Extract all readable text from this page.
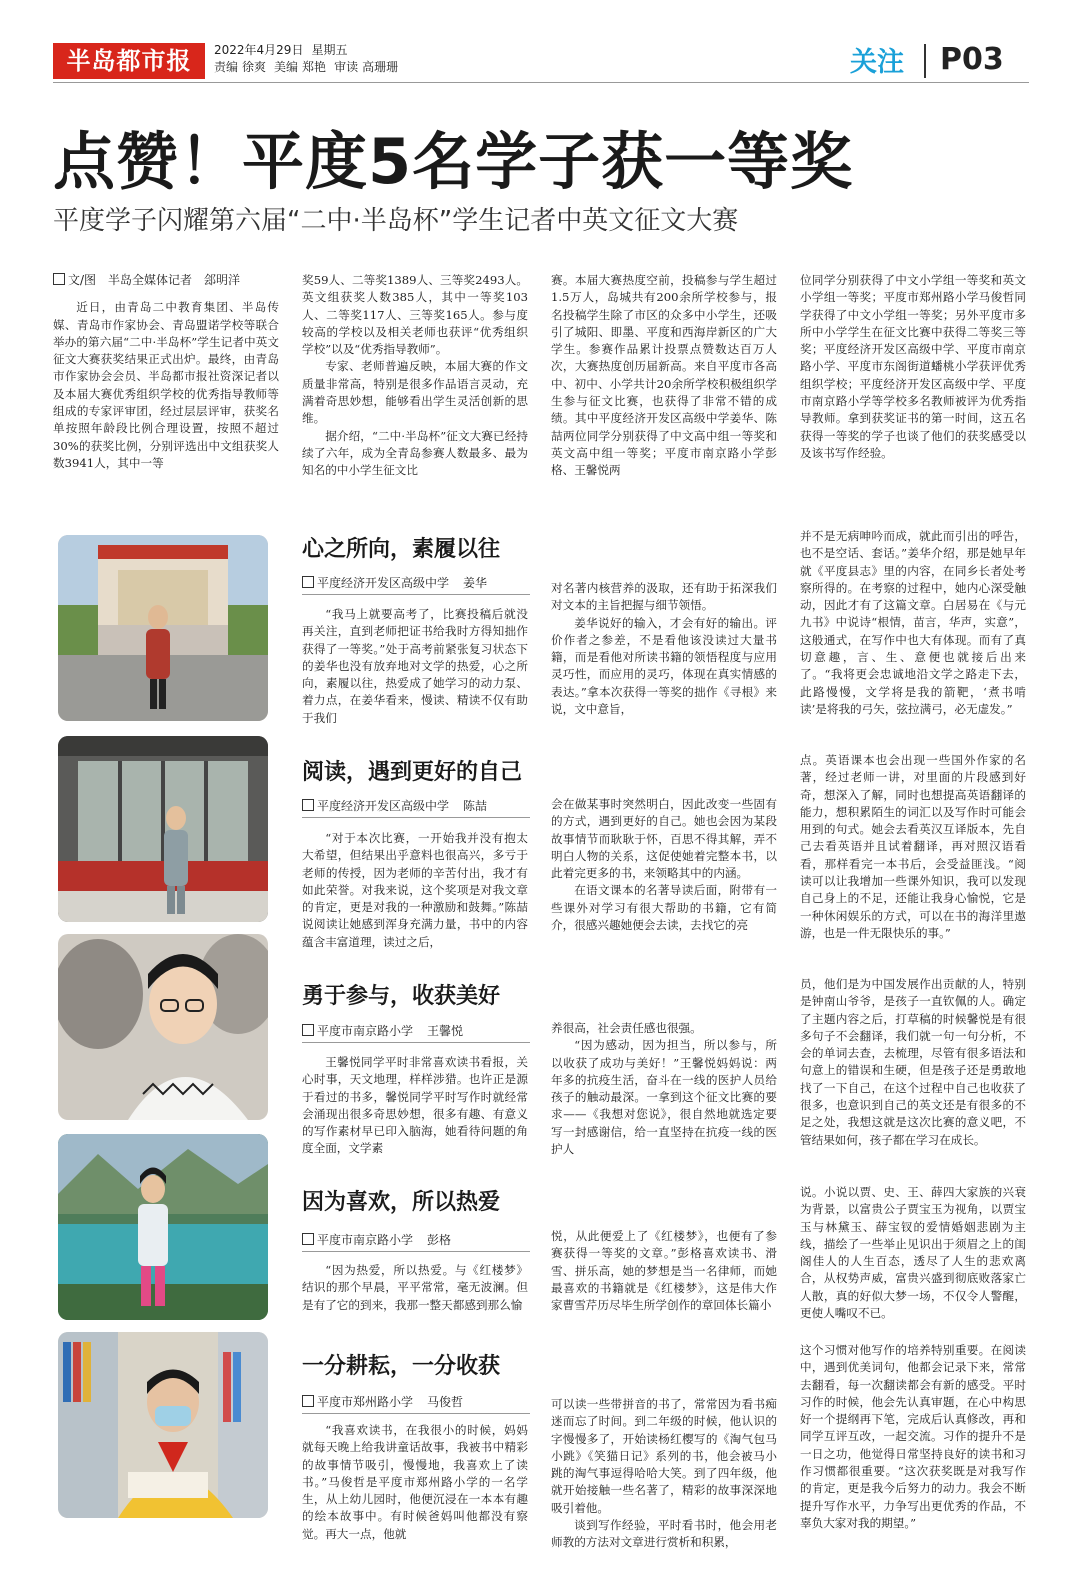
半岛都市报	2022年4月29日 星期五
责编 徐爽 美编 郑艳 审读 高珊珊	关注 P03
点赞！平度5名学子获一等奖
平度学子闪耀第六届“二中·半岛杯”学生记者中英文征文大赛

文/图　半岛全媒体记者　郐明洋

近日，由青岛二中教育集团、半岛传媒、青岛市作家协会、青岛盟诺学校等联合举办的第六届“二中·半岛杯”学生记者中英文征文大赛获奖结果正式出炉。最终，由青岛市作家协会会员、半岛都市报社资深记者以及本届大赛优秀组织学校的优秀指导教师等组成的专家评审团，经过层层评审，获奖名单按照年龄段比例合理设置，按照不超过30%的获奖比例，分别评选出中文组获奖人数3941人，其中一等

奖59人、二等奖1389人、三等奖2493人。英文组获奖人数385人，其中一等奖103人、二等奖117人、三等奖165人。参与度较高的学校以及相关老师也获评“优秀组织学校”以及“优秀指导教师”。

专家、老师普遍反映，本届大赛的作文质量非常高，特别是很多作品语言灵动，充满着奇思妙想，能够看出学生灵活创新的思维。

据介绍，“二中·半岛杯”征文大赛已经持续了六年，成为全青岛参赛人数最多、最为知名的中小学生征文比

赛。本届大赛热度空前，投稿参与学生超过1.5万人，岛城共有200余所学校参与，报名投稿学生除了市区的众多中小学生，还吸引了城阳、即墨、平度和西海岸新区的广大学生。参赛作品累计投票点赞数达百万人次，大赛热度创历届新高。来自平度市各高中、初中、小学共计20余所学校积极组织学生参与征文比赛，也获得了非常不错的成绩。其中平度经济开发区高级中学姜华、陈喆两位同学分别获得了中文高中组一等奖和英文高中组一等奖；平度市南京路小学彭格、王馨悦两

位同学分别获得了中文小学组一等奖和英文小学组一等奖；平度市郑州路小学马俊哲同学获得了中文小学组一等奖；另外平度市多所中小学学生在征文比赛中获得二等奖三等奖；平度经济开发区高级中学、平度市南京路小学、平度市东阁街道蟠桃小学获评优秀组织学校；平度经济开发区高级中学、平度市南京路小学等学校多名教师被评为优秀指导教师。拿到获奖证书的第一时间，这五名获得一等奖的学子也谈了他们的获奖感受以及该书写作经验。

心之所向，素履以往
平度经济开发区高级中学 姜华

“我马上就要高考了，比赛投稿后就没再关注，直到老师把证书给我时方得知拙作获得了一等奖。”处于高考前紧张复习状态下的姜华也没有放弃地对文学的热爱，心之所向，素履以往，热爱成了她学习的动力泵、着力点，在姜华看来，慢读、精读不仅有助于我们

对名著内核营养的汲取，还有助于拓深我们对文本的主旨把握与细节领悟。

姜华说好的输入，才会有好的输出。评价作者之参差，不是看他该没读过大量书籍，而是看他对所读书籍的领悟程度与应用灵巧性，而应用的灵巧，体现在真实情感的表达。”拿本次获得一等奖的拙作《寻根》来说，文中意旨，

并不是无病呻吟而成，就此而引出的呼告，也不是空话、套话。”姜华介绍，那是她早年就《平度县志》里的内容，在同乡长者处考察所得的。在考察的过程中，她内心深受触动，因此才有了这篇文章。白居易在《与元九书》中说诗“根情，苗言，华声，实意”，这般通式，在写作中也大有体现。而有了真切意趣，言、生、意便也就接后出来了。“我将更会忠诚地沿文学之路走下去，此路慢慢，文学将是我的箭靶，‘煮书啃读’是将我的弓矢，弦拉满弓，必无虚发。”

阅读，遇到更好的自己
平度经济开发区高级中学 陈喆

“对于本次比赛，一开始我并没有抱太大希望，但结果出乎意料也很高兴，多亏于老师的传授，因为老师的辛苦付出，我才有如此荣誉。对我来说，这个奖项是对我文章的肯定，更是对我的一种激励和鼓舞。”陈喆说阅读让她感到浑身充满力量，书中的内容蕴含丰富道理，读过之后，

会在做某事时突然明白，因此改变一些固有的方式，遇到更好的自己。她也会因为某段故事情节而耿耿于怀，百思不得其解，弄不明白人物的关系，这促使她着完整本书，以此着完更多的书，来领略其中的内涵。

在语文课本的名著导读后面，附带有一些课外对学习有很大帮助的书籍，它有简介，很感兴趣她便会去读，去找它的亮

点。英语课本也会出现一些国外作家的名著，经过老师一讲，对里面的片段感到好奇，想深入了解，同时也想提高英语翻译的能力，想积累陌生的词汇以及写作时可能会用到的句式。她会去看英汉互译版本，先自己去看英语并且试着翻译，再对照汉语看看，那样看完一本书后，会受益匪浅。“阅读可以让我增加一些课外知识，我可以发现自己身上的不足，还能让我身心愉悦，它是一种休闲娱乐的方式，可以在书的海洋里遨游，也是一件无限快乐的事。”

勇于参与，收获美好
平度市南京路小学 王馨悦

王馨悦同学平时非常喜欢读书看报，关心时事，天文地理，样样涉猎。也许正是源于看过的书多，馨悦同学平时写作时就经常会涌现出很多奇思妙想，很多有趣、有意义的写作素材早已印入脑海，她看待问题的角度全面，文学素

养很高，社会责任感也很强。

“因为感动，因为担当，所以参与，所以收获了成功与美好！”王馨悦妈妈说：两年多的抗疫生活，奋斗在一线的医护人员给孩子的触动最深。一拿到这个征文比赛的要求——《我想对您说》，很自然地就选定要写一封感谢信，给一直坚持在抗疫一线的医护人

员，他们是为中国发展作出贡献的人，特别是钟南山爷爷，是孩子一直钦佩的人。确定了主题内容之后，打草稿的时候馨悦是有很多句子不会翻译，我们就一句一句分析，不会的单词去查，去梳理，尽管有很多语法和句意上的错误和生硬，但是孩子还是勇敢地找了一下自己，在这个过程中自己也收获了很多，也意识到自己的英文还是有很多的不足之处，我想这就是这次比赛的意义吧，不管结果如何，孩子都在学习在成长。

因为喜欢，所以热爱
平度市南京路小学 彭格

“因为热爱，所以热爱。与《红楼梦》结识的那个早晨，平平常常，毫无波澜。但是有了它的到来，我那一整天都感到那么愉

悦，从此便爱上了《红楼梦》，也便有了参赛获得一等奖的文章。”彭格喜欢读书、滑雪、拼乐高，她的梦想是当一名律师，而她最喜欢的书籍就是《红楼梦》，这是伟大作家曹雪芹历尽毕生所学创作的章回体长篇小

说。小说以贾、史、王、薛四大家族的兴衰为背景，以富贵公子贾宝玉为视角，以贾宝玉与林黛玉、薛宝钗的爱情婚姻悲剧为主线，描绘了一些举止见识出于须眉之上的闺阁佳人的人生百态，透尽了人生的悲欢离合，从权势声威，富贵兴盛到彻底败落家亡人散，真的好似大梦一场，不仅令人警醒，更使人嘴叹不已。

一分耕耘，一分收获
平度市郑州路小学 马俊哲

“我喜欢读书，在我很小的时候，妈妈就每天晚上给我讲童话故事，我被书中精彩的故事情节吸引，慢慢地，我喜欢上了读书。”马俊哲是平度市郑州路小学的一名学生，从上幼儿园时，他便沉浸在一本本有趣的绘本故事中。有时候爸妈叫他都没有察觉。再大一点，他就

可以读一些带拼音的书了，常常因为看书痴迷而忘了时间。到二年级的时候，他认识的字慢慢多了，开始读杨红樱写的《淘气包马小跳》《笑猫日记》系列的书，他会被马小跳的淘气事逗得哈哈大笑。到了四年级，他就开始接触一些名著了，精彩的故事深深地吸引着他。

谈到写作经验，平时看书时，他会用老师教的方法对文章进行赏析和积累，

这个习惯对他写作的培养特别重要。在阅读中，遇到优美词句，他都会记录下来，常常去翻看，每一次翻读都会有新的感受。平时习作的时候，他会先认真审题，在心中构思好一个提纲再下笔，完成后认真修改，再和同学互评互改，一起交流。习作的提升不是一日之功，他觉得日常坚持良好的读书和习作习惯都很重要。“这次获奖既是对我写作的肯定，更是我今后努力的动力。我会不断提升写作水平，力争写出更优秀的作品，不辜负大家对我的期望。”
